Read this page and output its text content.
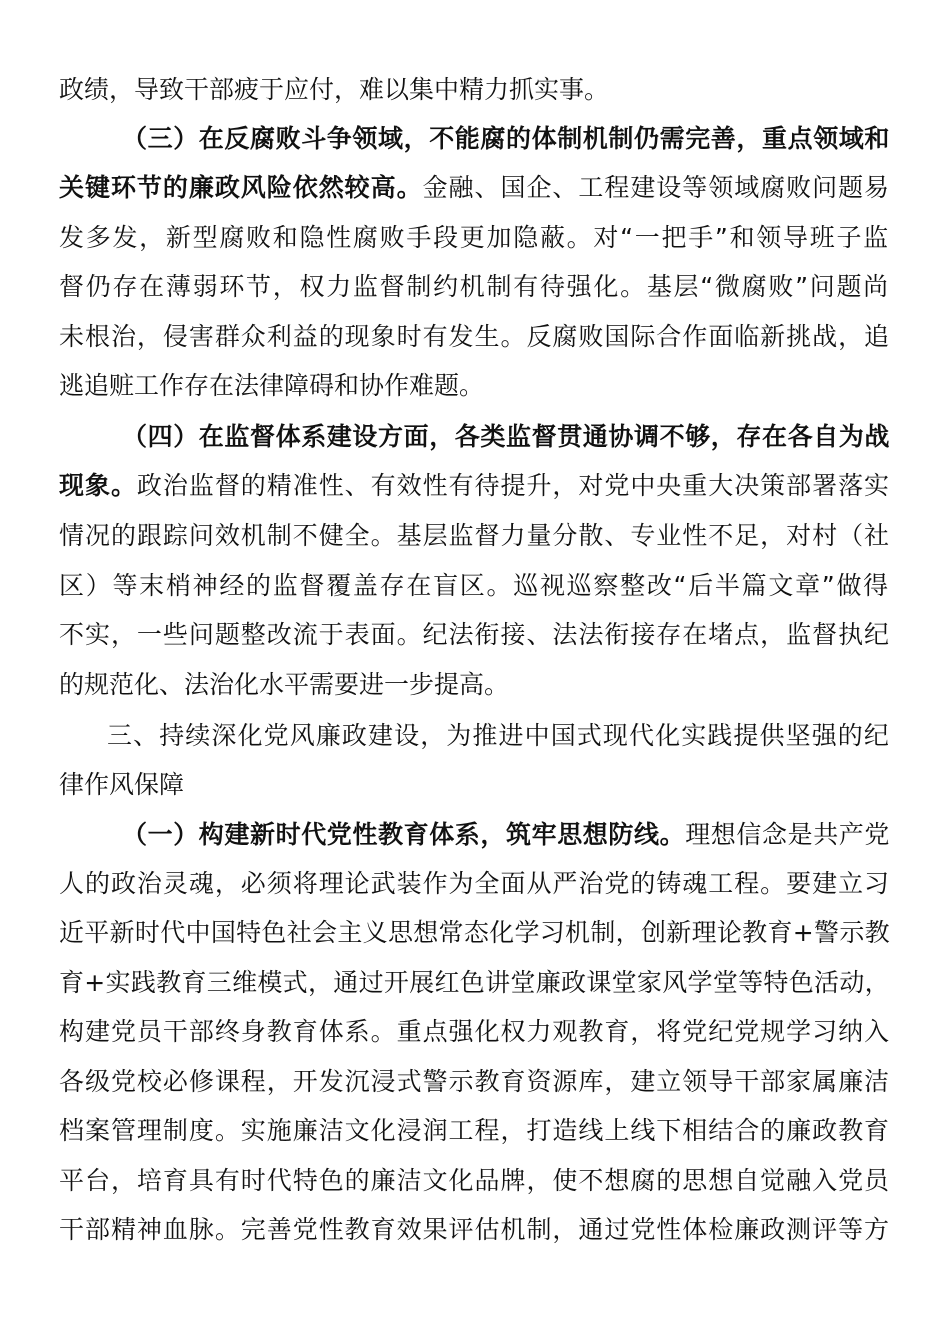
政绩，导致干部疲于应付，难以集中精力抓实事。
（三）在反腐败斗争领域，不能腐的体制机制仍需完善，重点领域和
关键环节的廉政风险依然较高。金融、国企、工程建设等领域腐败问题易
发多发，新型腐败和隐性腐败手段更加隐蔽。对“一把手”和领导班子监
督仍存在薄弱环节，权力监督制约机制有待强化。基层“微腐败”问题尚
未根治，侵害群众利益的现象时有发生。反腐败国际合作面临新挑战，追
逃追赃工作存在法律障碍和协作难题。
（四）在监督体系建设方面，各类监督贯通协调不够，存在各自为战
现象。政治监督的精准性、有效性有待提升，对党中央重大决策部署落实
情况的跟踪问效机制不健全。基层监督力量分散、专业性不足，对村（社
区）等末梢神经的监督覆盖存在盲区。巡视巡察整改“后半篇文章”做得
不实，一些问题整改流于表面。纪法衔接、法法衔接存在堵点，监督执纪
的规范化、法治化水平需要进一步提高。
三、持续深化党风廉政建设，为推进中国式现代化实践提供坚强的纪
律作风保障
（一）构建新时代党性教育体系，筑牢思想防线。理想信念是共产党
人的政治灵魂，必须将理论武装作为全面从严治党的铸魂工程。要建立习
近平新时代中国特色社会主义思想常态化学习机制，创新理论教育+警示教
育+实践教育三维模式，通过开展红色讲堂廉政课堂家风学堂等特色活动，
构建党员干部终身教育体系。重点强化权力观教育，将党纪党规学习纳入
各级党校必修课程，开发沉浸式警示教育资源库，建立领导干部家属廉洁
档案管理制度。实施廉洁文化浸润工程，打造线上线下相结合的廉政教育
平台，培育具有时代特色的廉洁文化品牌，使不想腐的思想自觉融入党员
干部精神血脉。完善党性教育效果评估机制，通过党性体检廉政测评等方
